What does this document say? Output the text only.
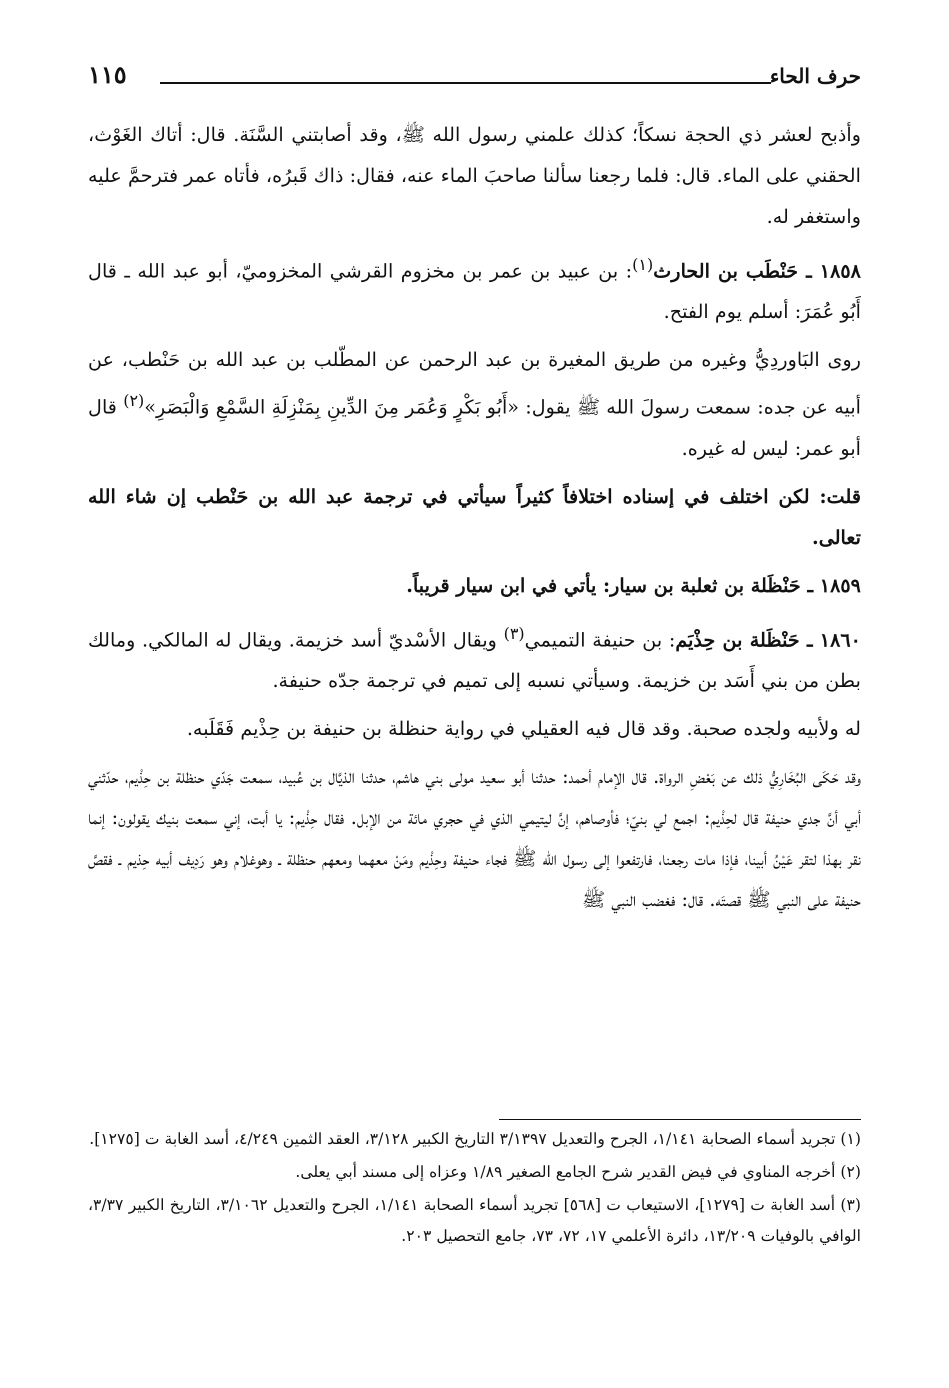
حرف الحاء
١١٥

وأذبح لعشر ذي الحجة نسكاً؛ كذلك علمني رسول الله ﷺ، وقد أصابتني السَّنَة. قال: أتاك الغَوْث، الحقني على الماء. قال: فلما رجعنا سألنا صاحبَ الماء عنه، فقال: ذاك قَبرُه، فأتاه عمر فترحمَّ عليه واستغفر له.

١٨٥٨ ـ حَنْطَب بن الحارث$^{(١)}$: بن عبيد بن عمر بن مخزوم القرشي المخزوميّ، أبو عبد الله ـ قال أَبُو عُمَرَ: أسلم يوم الفتح.

روى البَاوردِيُّ وغيره من طريق المغيرة بن عبد الرحمن عن المطّلب بن عبد الله بن حَنْطب، عن أبيه عن جده: سمعت رسولَ الله ﷺ يقول: «أَبُو بَكْرٍ وَعُمَر مِنَ الدِّينِ بِمَنْزِلَةِ السَّمْعِ وَالْبَصَرِ»$^{(٢)}$ قال أبو عمر: ليس له غيره.

قلت: لكن اختلف في إسناده اختلافاً كثيراً سيأتي في ترجمة عبد الله بن حَنْطب إن شاء الله تعالى.

١٨٥٩ ـ حَنْظَلة بن ثعلبة بن سيار: يأتي في ابن سيار قريباً.

١٨٦٠ ـ حَنْظَلة بن حِذْيَم: بن حنيفة التميمي$^{(٣)}$ ويقال الأسْديّ أسد خزيمة. ويقال له المالكي. ومالك بطن من بني أَسَد بن خزيمة. وسيأتي نسبه إلى تميم في ترجمة جدّه حنيفة.

له ولأبيه ولجده صحبة. وقد قال فيه العقيلي في رواية حنظلة بن حنيفة بن حِذْيم فَقَلَبه.

وقد حَكَى البُخَارِيُّ ذلك عن بَعْضِ الرواة. قال الإمام أحمد: حدثنا أبو سعيد مولى بني هاشم، حدثنا الذيَّال بن عُبيد، سمعت جَدّي حنظلة بن حِذْيم، حدّثني أبي أنَّ جدي حنيفة قال لحِذْيم: اجمع لي بنيّ؛ فأوصاهم، إنَّ ليتيمي الذي في حجري مائة من الإبل. فقال حِذْيم: يا أبت، إني سمعت بنيك يقولون: إنما نقر بهذا لتقر عَيْنُ أبينا، فإذا مات رجعنا، فارتفعوا إلى رسول الله ﷺ فجاء حنيفة وحِذْيم ومَنْ معهما ومعهم حنظلة ـ وهوغلام وهو رَدِيف أبيه حِذيم ـ فقصَّ حنيفة على النبي ﷺ قصتَه. قال: فغضب النبي ﷺ

(١) تجريد أسماء الصحابة ١/١٤١، الجرح والتعديل ٣/١٣٩٧ التاريخ الكبير ٣/١٢٨، العقد الثمين ٤/٢٤٩، أسد الغابة ت [١٢٧٥].

(٢) أخرجه المناوي في فيض القدير شرح الجامع الصغير ١/٨٩ وعزاه إلى مسند أبي يعلى.

(٣) أسد الغابة ت [١٢٧٩]، الاستيعاب ت [٥٦٨] تجريد أسماء الصحابة ١/١٤١، الجرح والتعديل ٣/١٠٦٢، التاريخ الكبير ٣/٣٧، الوافي بالوفيات ١٣/٢٠٩، دائرة الأعلمي ١٧، ٧٢، ٧٣، جامع التحصيل ٢٠٣.
